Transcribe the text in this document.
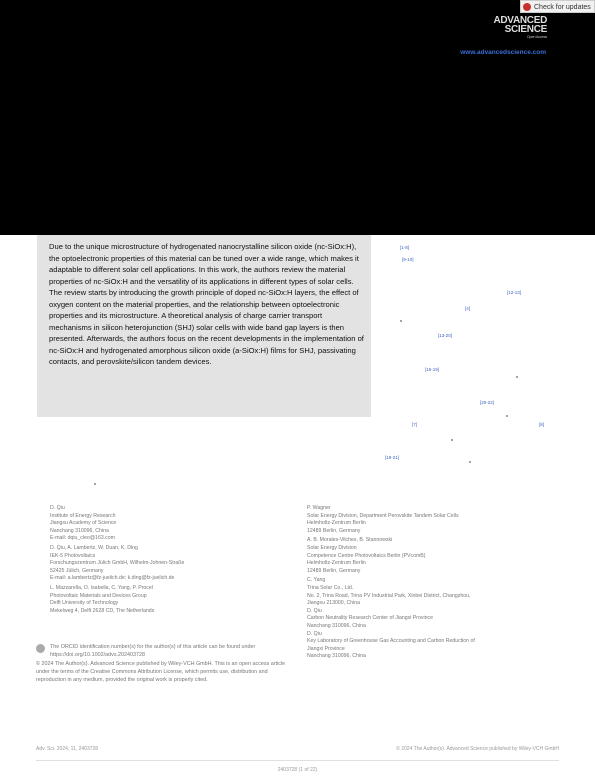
Check for updates
ADVANCED
SCIENCE
Open Access
www.advancedscience.com

Due to the unique microstructure of hydrogenated nanocrystalline silicon oxide (nc-SiOx:H), the optoelectronic properties of this material can be tuned over a wide range, which makes it adaptable to different solar cell applications. In this work, the authors review the material properties of nc-SiOx:H and the versatility of its applications in different types of solar cells. The review starts by introducing the growth principle of doped nc-SiOx:H layers, the effect of oxygen content on the material properties, and the relationship between optoelectronic properties and its microstructure. A theoretical analysis of charge carrier transport mechanisms in silicon heterojunction (SHJ) solar cells with wide band gap layers is then presented. Afterwards, the authors focus on the recent developments in the implementation of nc-SiOx:H and hydrogenated amorphous silicon oxide (a-SiOx:H) films for SHJ, passivating contacts, and perovskite/silicon tandem devices.

[1-8]
[9-10]
[12-13]
[4]
[13-20]
[15-19]
[20-22]
[7]	[8]
[18-21]
D. Qiu
Institute of Energy Research
Jiangsu Academy of Science
Nanchang 310096, China
E-mail: dqiu_cleo@163.com
D. Qiu, A. Lambertz, W. Duan, K. Ding
IEK-5 Photovoltaics
Forschungszentrum Jülich GmbH, Wilhelm-Johnen-Straße
52425 Jülich, Germany
E-mail: a.lambertz@fz-juelich.de; k.ding@fz-juelich.de
L. Mazzarella, O. Isabella, C. Yang, P. Procel
Photovoltaic Materials and Devices Group
Delft University of Technology
Mekelweg 4, Delft 2628 CD, The Netherlands
P. Wagner
Solar Energy Division, Department Perovskite Tandem Solar Cells
Helmholtz-Zentrum Berlin
12489 Berlin, Germany
A. B. Morales-Vilches, B. Stannowski
Solar Energy Division
Competence Centre Photovoltaics Berlin (PVcomB)
Helmholtz-Zentrum Berlin
12489 Berlin, Germany
C. Yang
Trina Solar Co., Ltd.
No. 2, Trina Road, Trina PV Industrial Park, Xinbei District, Changzhou,
Jiangsu 213000, China
D. Qiu
Carbon Neutrality Research Center of Jiangxi Province
Nanchang 310096, China
D. Qiu
Key Laboratory of Greenhouse Gas Accounting and Carbon Reduction of
Jiangxi Province
Nanchang 310096, China
The ORCID identification number(s) for the author(s) of this article can be found under https://doi.org/10.1002/advs.202403728
© 2024 The Author(s). Advanced Science published by Wiley-VCH GmbH. This is an open access article under the terms of the Creative Commons Attribution License, which permits use, distribution and reproduction in any medium, provided the original work is properly cited.
Adv. Sci. 2024, 11, 2403728
2403728 (1 of 22)
© 2024 The Author(s). Advanced Science published by Wiley-VCH GmbH
